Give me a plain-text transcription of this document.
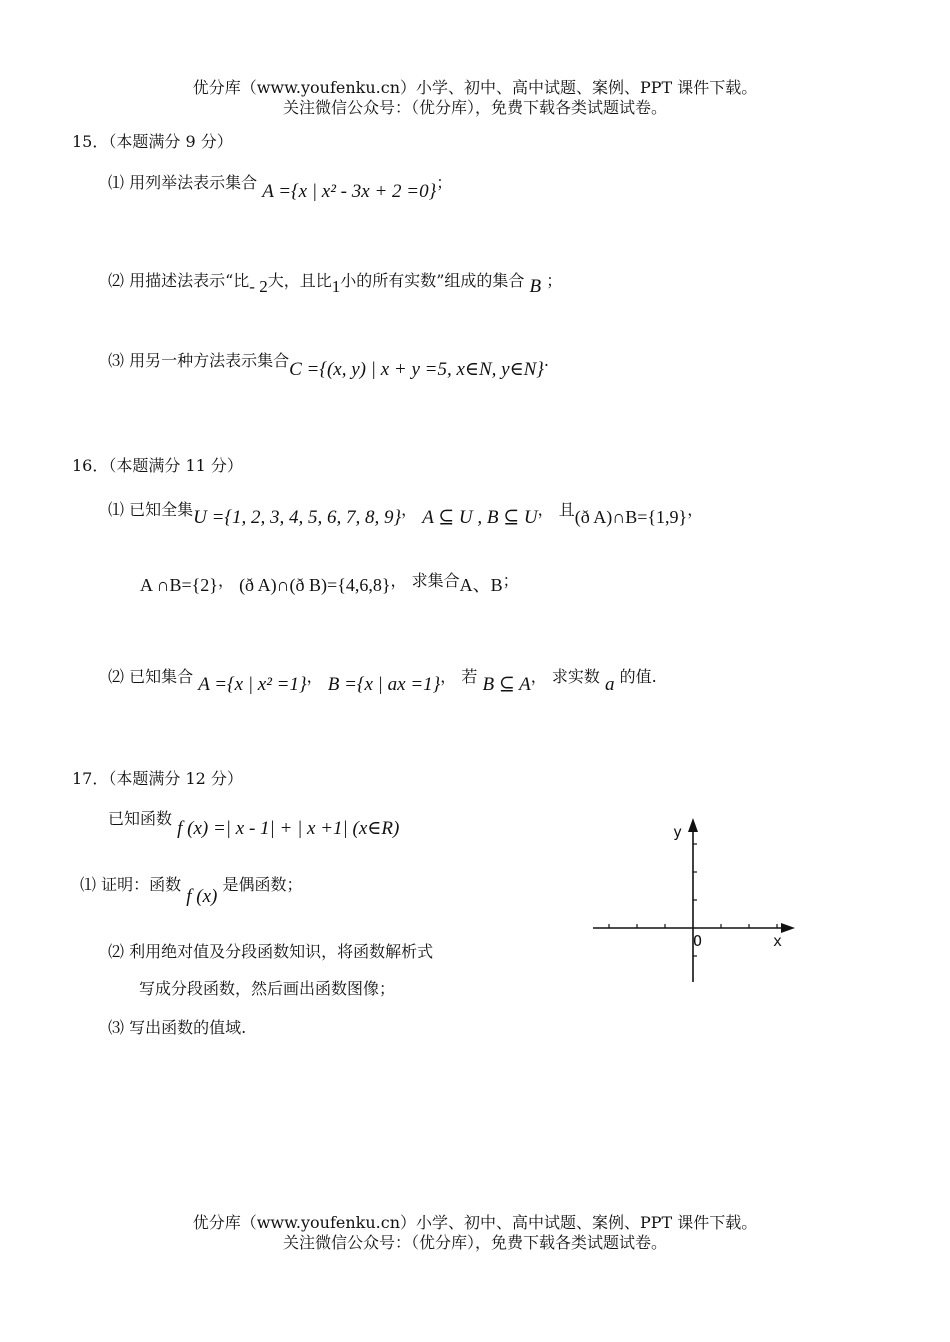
优分库（www.youfenku.cn）小学、初中、高中试题、案例、PPT 课件下载。
关注微信公众号：（优分库），免费下载各类试题试卷。
15．（本题满分 9 分）
⑴ 用列举法表示集合 A ={x | x² - 3x + 2 =0}；
⑵ 用描述法表示“比- 2大，且比1小的所有实数”组成的集合 B ；
⑶ 用另一种方法表示集合C ={(x, y) | x + y =5, x∈N, y∈N}.
16．（本题满分 11 分）
⑴ 已知全集U ={1, 2, 3, 4, 5, 6, 7, 8, 9}， A ⊆ U , B ⊆ U， 且(ð A)∩B={1,9}，
A ∩B={2}， (ð A)∩(ð B)={4,6,8}， 求集合A、B；
⑵ 已知集合 A ={x | x² =1}， B ={x | ax =1}， 若 B ⊆ A， 求实数 a 的值.
17．（本题满分 12 分）
已知函数 f (x) =| x - 1| + | x +1| (x∈R)
⑴ 证明：函数 f (x) 是偶函数；
⑵ 利用绝对值及分段函数知识，将函数解析式
写成分段函数，然后画出函数图像；
⑶ 写出函数的值域.
y
x
O
优分库（www.youfenku.cn）小学、初中、高中试题、案例、PPT 课件下载。
关注微信公众号：（优分库），免费下载各类试题试卷。
